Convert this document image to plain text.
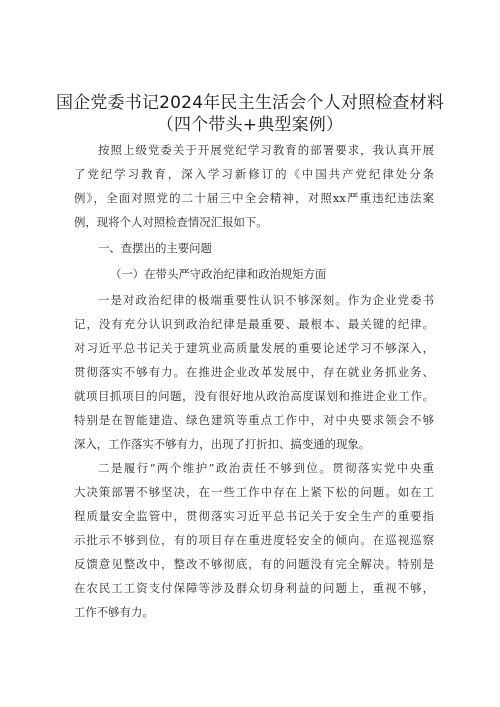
国企党委书记2024年民主生活会个人对照检查材料
（四个带头+典型案例）
按照上级党委关于开展党纪学习教育的部署要求，我认真开展
了党纪学习教育，深入学习新修订的《中国共产党纪律处分条
例》，全面对照党的二十届三中全会精神，对照xx严重违纪违法案
例，现将个人对照检查情况汇报如下。
一、查摆出的主要问题
（一）在带头严守政治纪律和政治规矩方面
一是对政治纪律的极端重要性认识不够深刻。作为企业党委书
记，没有充分认识到政治纪律是最重要、最根本、最关键的纪律。
对习近平总书记关于建筑业高质量发展的重要论述学习不够深入，
贯彻落实不够有力。在推进企业改革发展中，存在就业务抓业务、
就项目抓项目的问题，没有很好地从政治高度谋划和推进企业工作。
特别是在智能建造、绿色建筑等重点工作中，对中央要求领会不够
深入，工作落实不够有力，出现了打折扣、搞变通的现象。
二是履行“两个维护”政治责任不够到位。贯彻落实党中央重
大决策部署不够坚决，在一些工作中存在上紧下松的问题。如在工
程质量安全监管中，贯彻落实习近平总书记关于安全生产的重要指
示批示不够到位，有的项目存在重进度轻安全的倾向。在巡视巡察
反馈意见整改中，整改不够彻底，有的问题没有完全解决。特别是
在农民工工资支付保障等涉及群众切身利益的问题上，重视不够，
工作不够有力。
